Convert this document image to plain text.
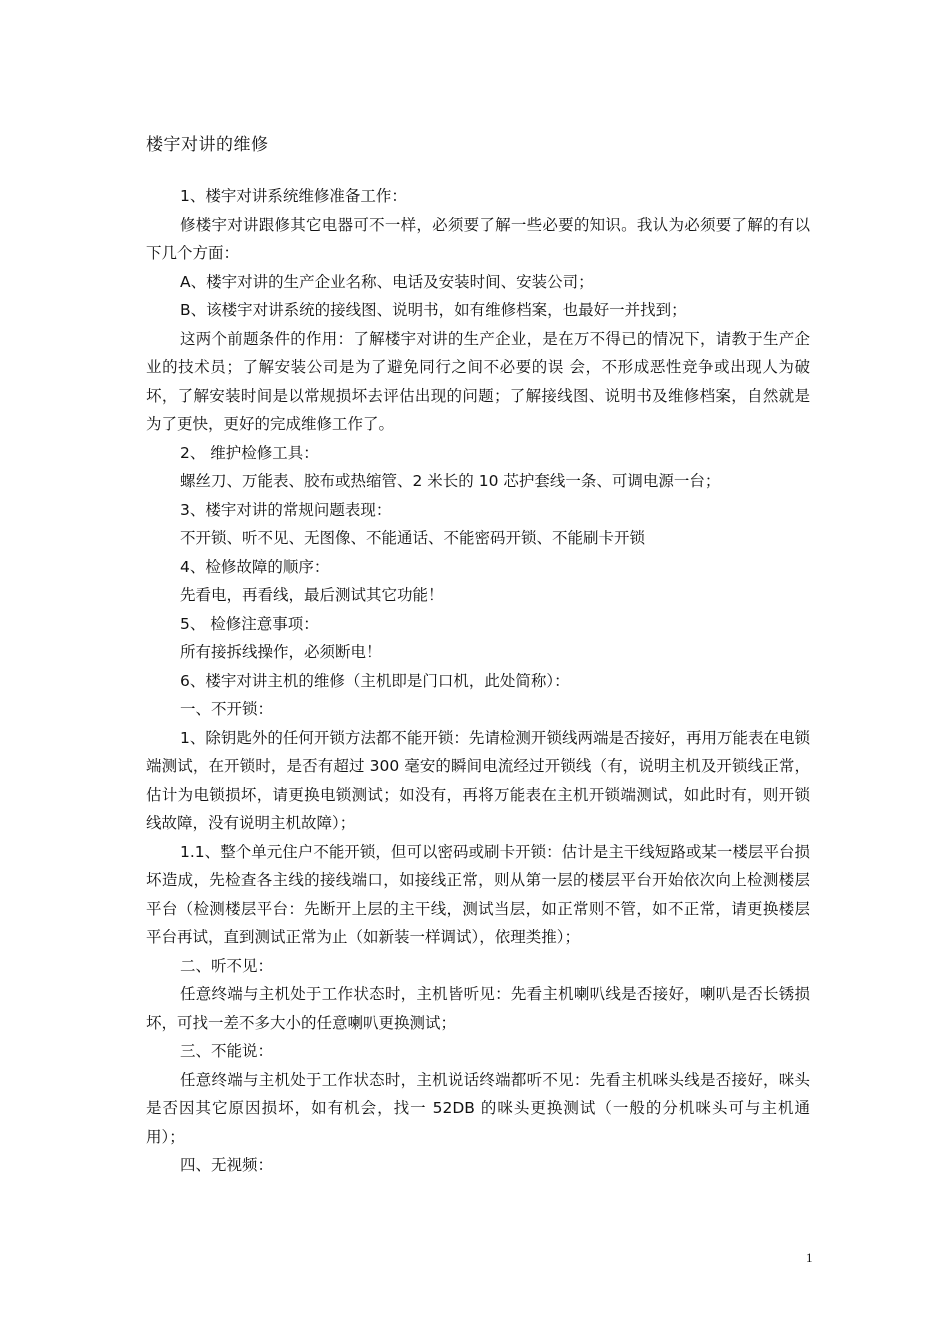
楼宇对讲的维修

1、楼宇对讲系统维修准备工作：

修楼宇对讲跟修其它电器可不一样，必须要了解一些必要的知识。我认为必须要了解的有以下几个方面：

A、楼宇对讲的生产企业名称、电话及安装时间、安装公司；

B、该楼宇对讲系统的接线图、说明书，如有维修档案，也最好一并找到；

这两个前题条件的作用：了解楼宇对讲的生产企业，是在万不得已的情况下，请教于生产企业的技术员；了解安装公司是为了避免同行之间不必要的误 会，不形成恶性竞争或出现人为破坏，了解安装时间是以常规损坏去评估出现的问题；了解接线图、说明书及维修档案，自然就是为了更快，更好的完成维修工作了。

2、 维护检修工具：

螺丝刀、万能表、胶布或热缩管、2 米长的 10 芯护套线一条、可调电源一台；

3、楼宇对讲的常规问题表现：

不开锁、听不见、无图像、不能通话、不能密码开锁、不能刷卡开锁

4、检修故障的顺序：

先看电，再看线，最后测试其它功能！

5、 检修注意事项：

所有接拆线操作，必须断电！

6、楼宇对讲主机的维修（主机即是门口机，此处简称）：

一、不开锁：

1、除钥匙外的任何开锁方法都不能开锁：先请检测开锁线两端是否接好，再用万能表在电锁端测试，在开锁时，是否有超过 300 毫安的瞬间电流经过开锁线（有，说明主机及开锁线正常，估计为电锁损坏，请更换电锁测试；如没有，再将万能表在主机开锁端测试，如此时有，则开锁线故障，没有说明主机故障）；

1.1、整个单元住户不能开锁，但可以密码或刷卡开锁：估计是主干线短路或某一楼层平台损坏造成，先检查各主线的接线端口，如接线正常，则从第一层的楼层平台开始依次向上检测楼层平台（检测楼层平台：先断开上层的主干线，测试当层，如正常则不管，如不正常，请更换楼层平台再试，直到测试正常为止（如新装一样调试），依理类推）；

二、听不见：

任意终端与主机处于工作状态时，主机皆听见：先看主机喇叭线是否接好，喇叭是否长锈损坏，可找一差不多大小的任意喇叭更换测试；

三、不能说：

任意终端与主机处于工作状态时，主机说话终端都听不见：先看主机咪头线是否接好，咪头是否因其它原因损坏，如有机会，找一 52DB 的咪头更换测试（一般的分机咪头可与主机通用）；

四、无视频：

1
